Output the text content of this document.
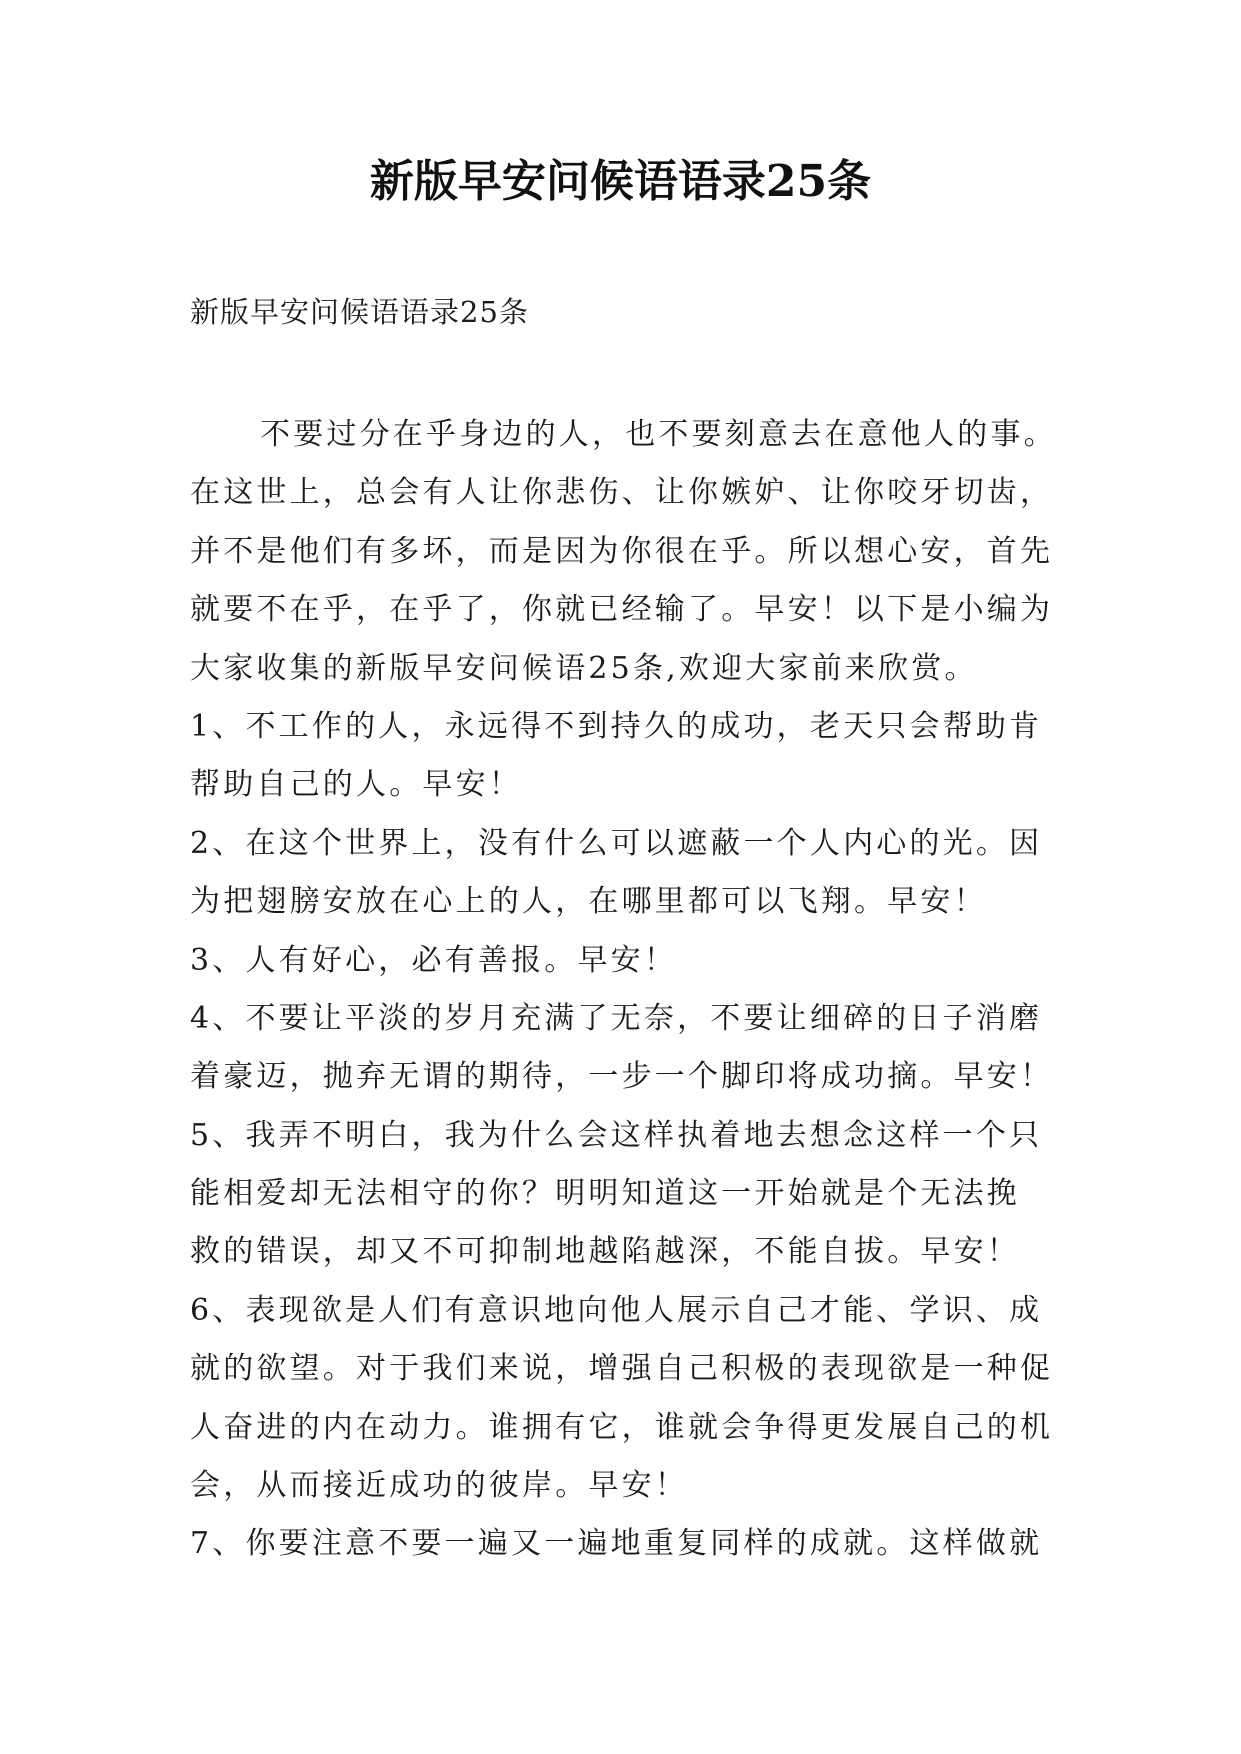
新版早安问候语语录25条

新版早安问候语语录25条

不要过分在乎身边的人，也不要刻意去在意他人的事。
在这世上，总会有人让你悲伤、让你嫉妒、让你咬牙切齿，
并不是他们有多坏，而是因为你很在乎。所以想心安，首先
就要不在乎，在乎了，你就已经输了。早安！以下是小编为
大家收集的新版早安问候语25条,欢迎大家前来欣赏。
1、不工作的人，永远得不到持久的成功，老天只会帮助肯
帮助自己的人。早安！
2、在这个世界上，没有什么可以遮蔽一个人内心的光。因
为把翅膀安放在心上的人，在哪里都可以飞翔。早安！
3、人有好心，必有善报。早安！
4、不要让平淡的岁月充满了无奈，不要让细碎的日子消磨
着豪迈，抛弃无谓的期待，一步一个脚印将成功摘。早安！
5、我弄不明白，我为什么会这样执着地去想念这样一个只
能相爱却无法相守的你？明明知道这一开始就是个无法挽
救的错误，却又不可抑制地越陷越深，不能自拔。早安！
6、表现欲是人们有意识地向他人展示自己才能、学识、成
就的欲望。对于我们来说，增强自己积极的表现欲是一种促
人奋进的内在动力。谁拥有它，谁就会争得更发展自己的机
会，从而接近成功的彼岸。早安！
7、你要注意不要一遍又一遍地重复同样的成就。这样做就
